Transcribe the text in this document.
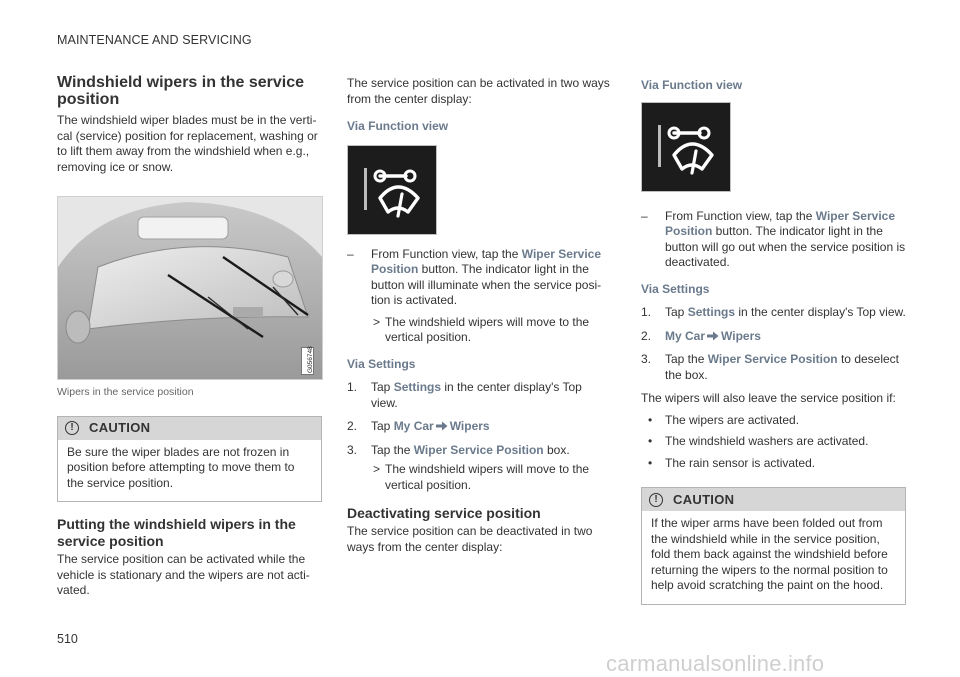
MAINTENANCE AND SERVICING
Windshield wipers in the service position

The windshield wiper blades must be in the verti-cal (service) position for replacement, washing or to lift them away from the windshield when e.g., removing ice or snow.

G056748
Wipers in the service position
!	CAUTION
Be sure the wiper blades are not frozen in position before attempting to move them to the service position.
Putting the windshield wipers in the service position

The service position can be activated while the vehicle is stationary and the wipers are not acti-vated.

The service position can be activated in two ways from the center display:

Via Function view
–	From Function view, tap the Wiper Service Position button. The indicator light in the button will illuminate when the service posi-tion is activated.
> The windshield wipers will move to the vertical position.
Via Settings
1.	Tap Settings in the center display's Top view.
2.	Tap My Car Wipers
3.	Tap the Wiper Service Position box.
> The windshield wipers will move to the vertical position.
Deactivating service position

The service position can be deactivated in two ways from the center display:

Via Function view
–	From Function view, tap the Wiper Service Position button. The indicator light in the button will go out when the service position is deactivated.
Via Settings
1.	Tap Settings in the center display's Top view.
2.	My Car Wipers
3.	Tap the Wiper Service Position to deselect the box.

The wipers will also leave the service position if:

• The wipers are activated.
• The windshield washers are activated.
• The rain sensor is activated.
!	CAUTION
If the wiper arms have been folded out from the windshield while in the service position, fold them back against the windshield before returning the wipers to the normal position to help avoid scratching the paint on the hood.
510
carmanualsonline.info
